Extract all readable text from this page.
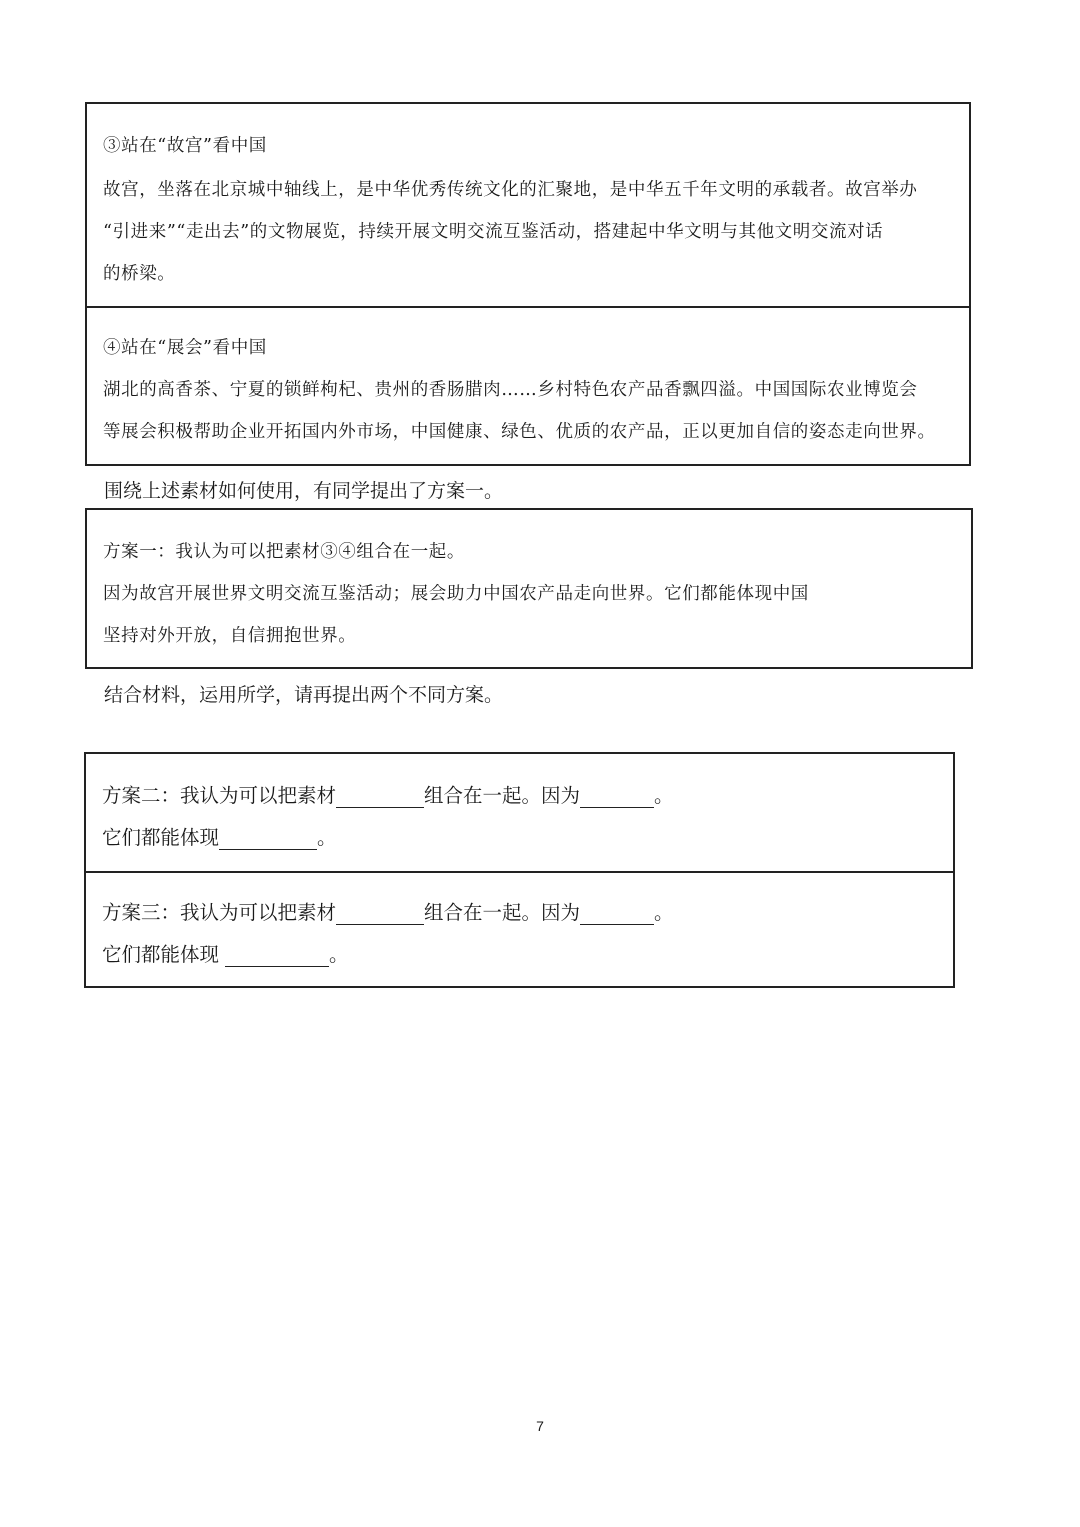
③站在“故宫”看中国
故宫，坐落在北京城中轴线上，是中华优秀传统文化的汇聚地，是中华五千年文明的承载者。故宫举办
“引进来”“走出去”的文物展览，持续开展文明交流互鉴活动，搭建起中华文明与其他文明交流对话
的桥梁。
④站在“展会”看中国
湖北的高香茶、宁夏的锁鲜枸杞、贵州的香肠腊肉……乡村特色农产品香飘四溢。中国国际农业博览会
等展会积极帮助企业开拓国内外市场，中国健康、绿色、优质的农产品，正以更加自信的姿态走向世界。
围绕上述素材如何使用，有同学提出了方案一。
方案一：我认为可以把素材③④组合在一起。
因为故宫开展世界文明交流互鉴活动；展会助力中国农产品走向世界。它们都能体现中国
坚持对外开放，自信拥抱世界。
结合材料，运用所学，请再提出两个不同方案。
方案二：我认为可以把素材	组合在一起。因为	。
它们都能体现	。
方案三：我认为可以把素材	组合在一起。因为	。
它们都能体现	。
7
